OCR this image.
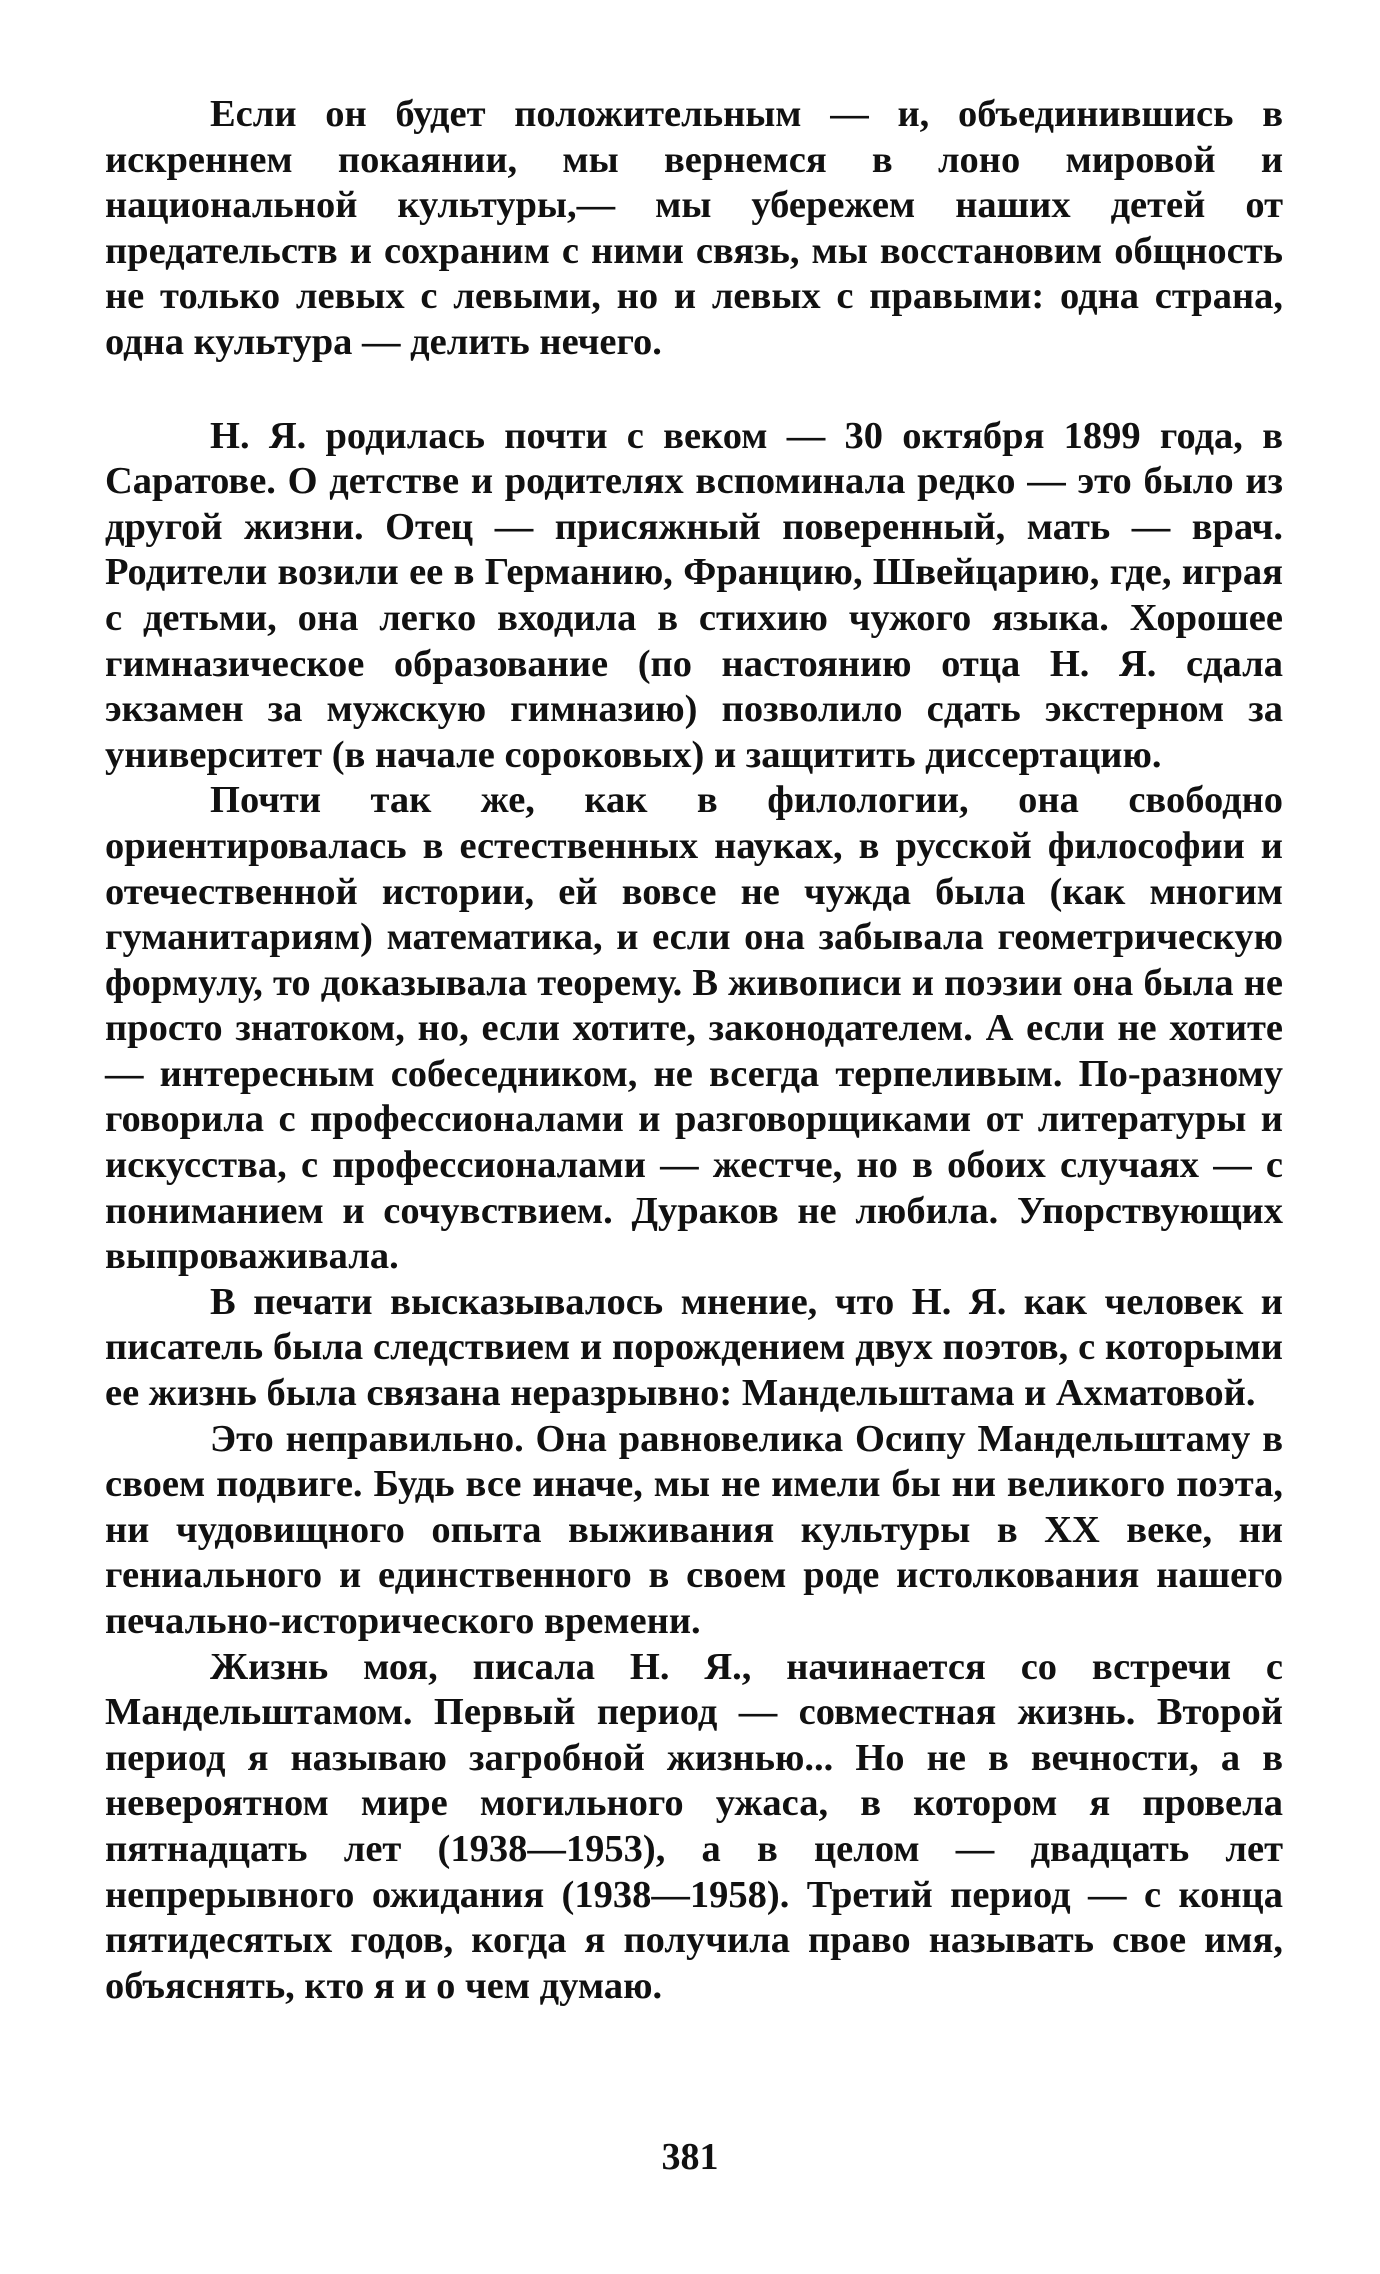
Если он будет положительным — и, объединившись в искреннем покаянии, мы вернемся в лоно мировой и национальной культуры,— мы убережем наших детей от предательств и сохраним с ними связь, мы восстановим общность не только левых с левыми, но и левых с правыми: одна страна, одна культура — делить нечего.

Н. Я. родилась почти с веком — 30 октября 1899 года, в Саратове. О детстве и родителях вспоминала редко — это было из другой жизни. Отец — присяжный поверенный, мать — врач. Родители возили ее в Германию, Францию, Швейцарию, где, играя с детьми, она легко входила в стихию чужого языка. Хорошее гимназическое образование (по настоянию отца Н. Я. сдала экзамен за мужскую гимназию) позволило сдать экстерном за университет (в начале сороковых) и защитить диссертацию.

Почти так же, как в филологии, она свободно ориентировалась в естественных науках, в русской философии и отечественной истории, ей вовсе не чужда была (как многим гуманитариям) математика, и если она забывала геометрическую формулу, то доказывала теорему. В живописи и поэзии она была не просто знатоком, но, если хотите, законодателем. А если не хотите — интересным собеседником, не всегда терпеливым. По-разному говорила с профессионалами и разговорщиками от литературы и искусства, с профессионалами — жестче, но в обоих случаях — с пониманием и сочувствием. Дураков не любила. Упорствующих выпроваживала.

В печати высказывалось мнение, что Н. Я. как человек и писатель была следствием и порождением двух поэтов, с которыми ее жизнь была связана неразрывно: Мандельштама и Ахматовой.

Это неправильно. Она равновелика Осипу Мандельштаму в своем подвиге. Будь все иначе, мы не имели бы ни великого поэта, ни чудовищного опыта выживания культуры в XX веке, ни гениального и единственного в своем роде истолкования нашего печально-исторического времени.

Жизнь моя, писала Н. Я., начинается со встречи с Мандельштамом. Первый период — совместная жизнь. Второй период я называю загробной жизнью... Но не в вечности, а в невероятном мире могильного ужаса, в котором я провела пятнадцать лет (1938—1953), а в целом — двадцать лет непрерывного ожидания (1938—1958). Третий период — с конца пятидесятых годов, когда я получила право называть свое имя, объяснять, кто я и о чем думаю.

381
